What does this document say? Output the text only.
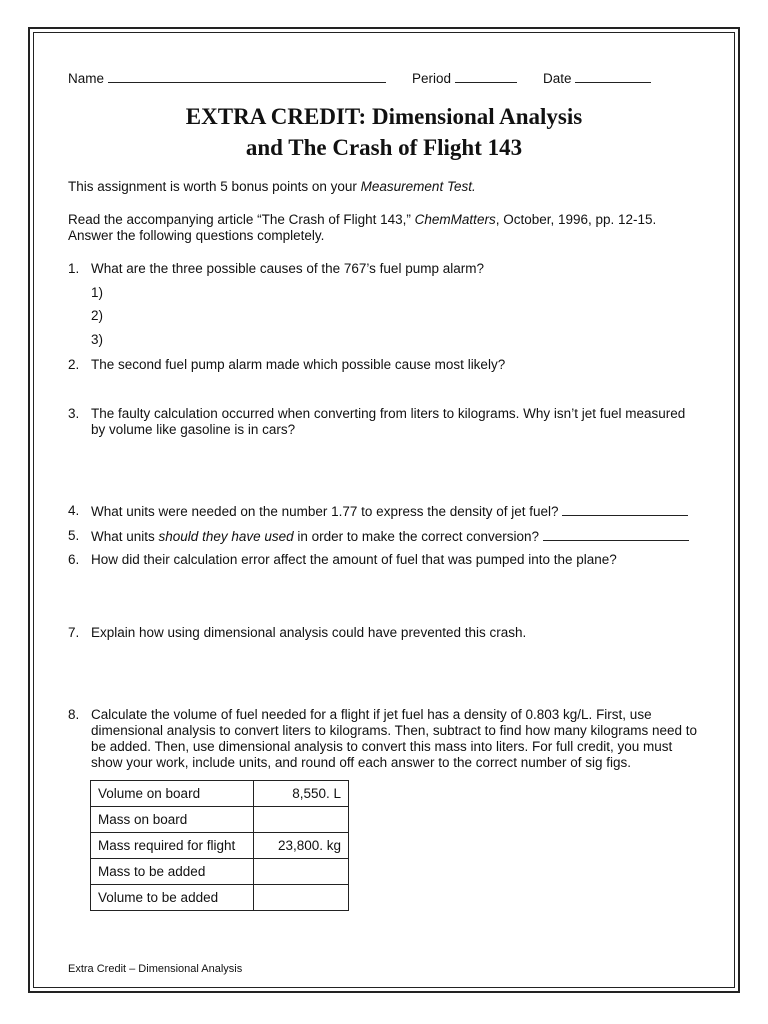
Name	Period	Date
EXTRA CREDIT: Dimensional Analysis
and The Crash of Flight 143
This assignment is worth 5 bonus points on your Measurement Test.
Read the accompanying article “The Crash of Flight 143,” ChemMatters, October, 1996, pp. 12-15.
Answer the following questions completely.
1. What are the three possible causes of the 767’s fuel pump alarm?
1)
2)
3)
2. The second fuel pump alarm made which possible cause most likely?
3. The faulty calculation occurred when converting from liters to kilograms. Why isn’t jet fuel measured by volume like gasoline is in cars?
4. What units were needed on the number 1.77 to express the density of jet fuel?
5. What units should they have used in order to make the correct conversion?
6. How did their calculation error affect the amount of fuel that was pumped into the plane?
7. Explain how using dimensional analysis could have prevented this crash.
8. Calculate the volume of fuel needed for a flight if jet fuel has a density of 0.803 kg/L. First, use dimensional analysis to convert liters to kilograms. Then, subtract to find how many kilograms need to be added. Then, use dimensional analysis to convert this mass into liters. For full credit, you must show your work, include units, and round off each answer to the correct number of sig figs.
Volume on board	8,550. L
Mass on board	
Mass required for flight	23,800. kg
Mass to be added	
Volume to be added	
Extra Credit – Dimensional Analysis
